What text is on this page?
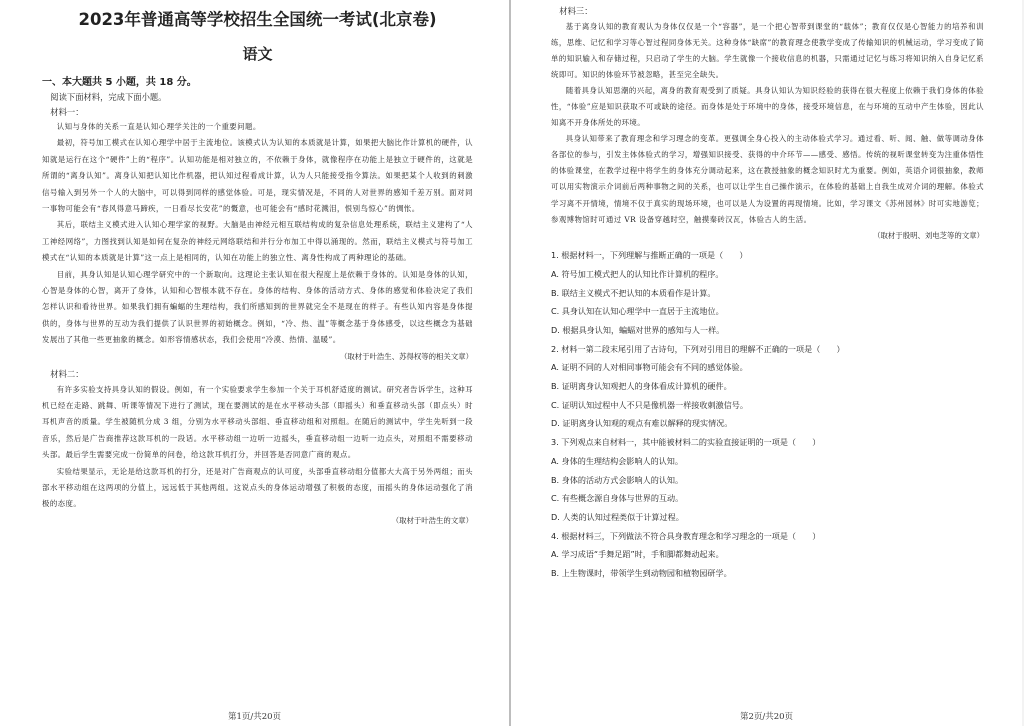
2023年普通高等学校招生全国统一考试(北京卷)
语文

一、本大题共 5 小题，共 18 分。

阅读下面材料，完成下面小题。

材料一：

认知与身体的关系一直是认知心理学关注的一个重要问题。

最初，符号加工模式在认知心理学中居于主流地位。该模式认为认知的本质就是计算，如果把大脑比作计算机的硬件，认知就是运行在这个“硬件”上的“程序”。认知功能是相对独立的，不依赖于身体，就像程序在功能上是独立于硬件的，这就是所谓的“离身认知”。离身认知把认知比作机器，把认知过程看成计算，认为人只能接受指令算法。如果把某个人收到的刺激信号输入到另外一个人的大脑中，可以得到同样的感觉体验。可是，现实情况是，不同的人对世界的感知千差万别。面对同一事物可能会有“春风得意马蹄疾，一日看尽长安花”的慨意，也可能会有“感时花溅泪，恨别鸟惊心”的惆怅。

其后，联结主义模式进入认知心理学家的视野。大脑是由神经元相互联结构成的复杂信息处理系统，联结主义建构了“人工神经网络”，力图找到认知是如何在复杂的神经元网络联结和并行分布加工中得以涌现的。然而，联结主义模式与符号加工模式在“认知的本质就是计算”这一点上是相同的，认知在功能上的独立性、离身性构成了两种理论的基础。

目前，具身认知是认知心理学研究中的一个新取向。这理论主张认知在很大程度上是依赖于身体的。认知是身体的认知，心智是身体的心智，离开了身体，认知和心智根本就不存在。身体的结构、身体的活动方式、身体的感觉和体验决定了我们怎样认识和看待世界。如果我们拥有蝙蝠的生理结构，我们所感知到的世界就完全不是现在的样子。有些认知内容是身体提供的，身体与世界的互动为我们提供了认识世界的初始概念。例如，“冷、热、温”等概念基于身体感受，以这些概念为基础发展出了其他一些更抽象的概念。如形容情感状态，我们会使用“冷漠、热情、温暖”。

（取材于叶浩生、苏得权等的相关文章）

材料二：

有许多实验支持具身认知的假设。例如，有一个实验要求学生参加一个关于耳机舒适度的测试。研究者告诉学生，这种耳机已经在走路、跳舞、听课等情况下进行了测试，现在要测试的是在水平移动头部（即摇头）和垂直移动头部（即点头）时耳机声音的质量。学生被随机分成 3 组，分别为水平移动头部组、垂直移动组和对照组。在随后的测试中，学生先听到一段音乐，然后是广告商推荐这款耳机的一段话。水平移动组一边听一边摇头，垂直移动组一边听一边点头，对照组不需要移动头部。最后学生需要完成一份简单的问卷，给这款耳机打分，并回答是否同意广商的观点。

实验结果显示，无论是给这款耳机的打分，还是对广告商观点的认可度，头部垂直移动组分值都大大高于另外两组；而头部水平移动组在这两项的分值上，远远低于其他两组。这说点头的身体运动增强了积极的态度，而摇头的身体运动强化了消极的态度。

（取材于叶浩生的文章）

第1页/共20页

材料三：

基于离身认知的教育观认为身体仅仅是一个“容器”，是一个把心智带到课堂的“载体”；教育仅仅是心智能力的培养和训练，思维、记忆和学习等心智过程同身体无关。这种身体“缺席”的教育理念使教学变成了传输知识的机械运动，学习变成了简单的知识输入和存储过程，只启动了学生的大脑。学生就像一个接收信息的机器，只需通过记忆与练习将知识纳入自身记忆系统即可。知识的体验环节被忽略，甚至完全缺失。

随着具身认知思潮的兴起，离身的教育观受到了质疑。具身认知认为知识经验的获得在很大程度上依赖于我们身体的体验性，“体验”应是知识获取不可或缺的途径。而身体是处于环境中的身体，接受环境信息，在与环境的互动中产生体验，因此认知离不开身体所处的环境。

具身认知带来了教育理念和学习理念的变革。更强调全身心投入的主动体验式学习。通过看、听、闻、触、做等调动身体各部位的参与，引发主体体验式的学习，增强知识接受、获得的中介环节——感受、感悟。传统的视听课堂转变为注重体悟性的体验课堂，在教学过程中将学生的身体充分调动起来，这在教授抽象的概念知识时尤为重要。例如，英语介词很抽象，教师可以用实物演示介词前后两种事物之间的关系，也可以让学生自己操作演示，在体验的基础上自我生成对介词的理解。体验式学习离不开情境，情境不仅于真实的现场环境，也可以是人为设置的再现情境。比如，学习课文《苏州园林》时可实地游览；参观博物馆时可通过 VR 设备穿越时空，触摸秦砖汉瓦，体验古人的生活。

（取材于殷明、刘电芝等的文章）

1. 根据材料一，下列理解与推断正确的一项是（　　）

A. 符号加工模式把人的认知比作计算机的程序。

B. 联结主义模式不把认知的本质看作是计算。

C. 具身认知在认知心理学中一直居于主流地位。

D. 根据具身认知，蝙蝠对世界的感知与人一样。

2. 材料一第二段末尾引用了古诗句，下列对引用目的理解不正确的一项是（　　）

A. 证明不同的人对相同事物可能会有不同的感觉体验。

B. 证明离身认知观把人的身体看成计算机的硬件。

C. 证明认知过程中人不只是像机器一样接收刺激信号。

D. 证明离身认知观的观点有难以解释的现实情况。

3. 下列观点来自材料一，其中能被材料二的实验直接证明的一项是（　　）

A. 身体的生理结构会影响人的认知。

B. 身体的活动方式会影响人的认知。

C. 有些概念源自身体与世界的互动。

D. 人类的认知过程类似于计算过程。

4. 根据材料三，下列做法不符合具身教育理念和学习理念的一项是（　　）

A. 学习成语“手舞足蹈”时，手和脚都舞动起来。

B. 上生物课时，带领学生到动物园和植物园研学。

第2页/共20页
